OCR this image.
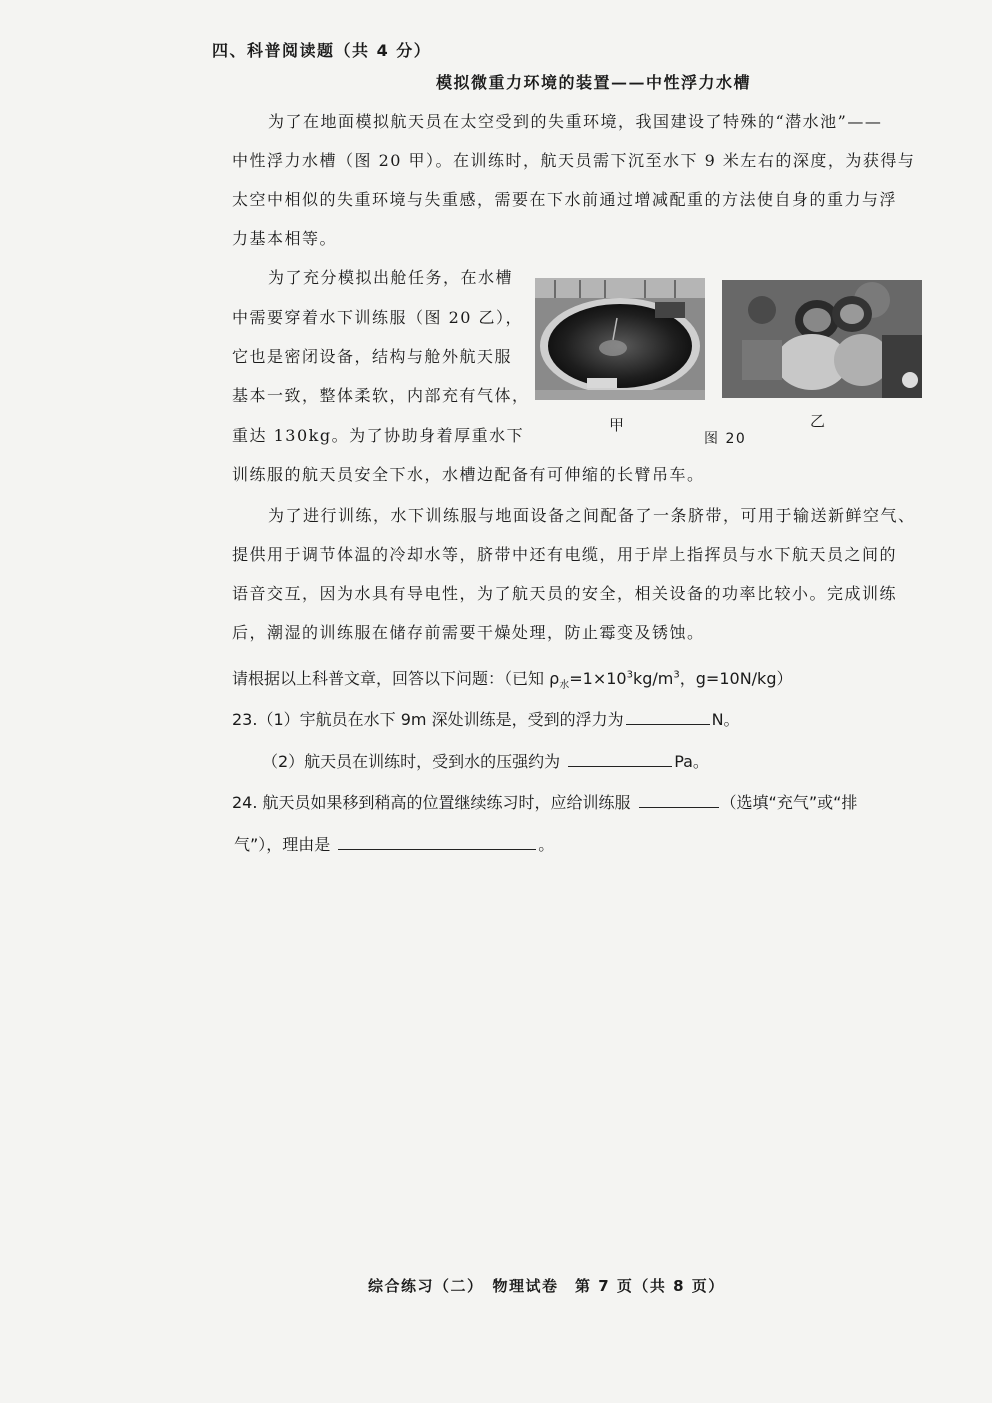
四、科普阅读题（共 4 分）
模拟微重力环境的装置——中性浮力水槽
为了在地面模拟航天员在太空受到的失重环境，我国建设了特殊的“潜水池”——
中性浮力水槽（图 20 甲）。在训练时，航天员需下沉至水下 9 米左右的深度，为获得与
太空中相似的失重环境与失重感，需要在下水前通过增减配重的方法使自身的重力与浮
力基本相等。
为了充分模拟出舱任务，在水槽
中需要穿着水下训练服（图 20 乙），
它也是密闭设备，结构与舱外航天服
基本一致，整体柔软，内部充有气体，
重达 130kg。为了协助身着厚重水下
训练服的航天员安全下水，水槽边配备有可伸缩的长臂吊车。
甲	乙
图 20
为了进行训练，水下训练服与地面设备之间配备了一条脐带，可用于输送新鲜空气、
提供用于调节体温的冷却水等，脐带中还有电缆，用于岸上指挥员与水下航天员之间的
语音交互，因为水具有导电性，为了航天员的安全，相关设备的功率比较小。完成训练
后，潮湿的训练服在储存前需要干燥处理，防止霉变及锈蚀。
请根据以上科普文章，回答以下问题：（已知 $\rho_水=1\times 10^3kg/m^3$，g=10N/kg）
23.（1）宇航员在水下 9m 深处训练是，受到的浮力为	N。
（2）航天员在训练时，受到水的压强约为	Pa。
24. 航天员如果移到稍高的位置继续练习时，应给训练服	（选填“充气”或“排
气”），理由是	。
综合练习（二）　物理试卷　第 7 页（共 8 页）
